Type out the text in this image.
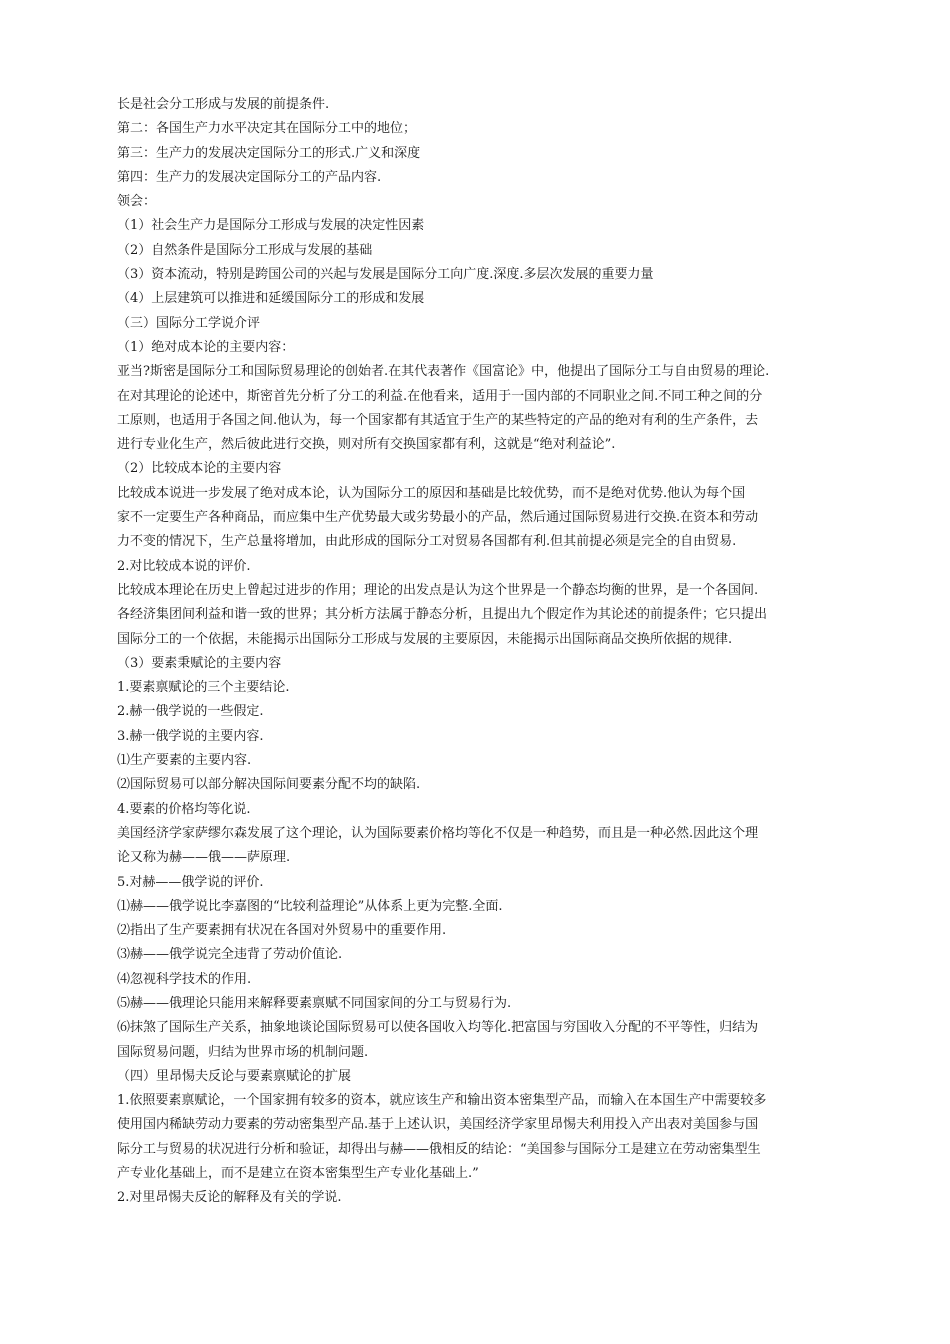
长是社会分工形成与发展的前提条件.
第二：各国生产力水平决定其在国际分工中的地位；
第三：生产力的发展决定国际分工的形式.广义和深度
第四：生产力的发展决定国际分工的产品内容.
领会：
（1）社会生产力是国际分工形成与发展的决定性因素
（2）自然条件是国际分工形成与发展的基础
（3）资本流动，特别是跨国公司的兴起与发展是国际分工向广度.深度.多层次发展的重要力量
（4）上层建筑可以推进和延缓国际分工的形成和发展
（三）国际分工学说介评
（1）绝对成本论的主要内容：
亚当?斯密是国际分工和国际贸易理论的创始者.在其代表著作《国富论》中，他提出了国际分工与自由贸易的理论.
在对其理论的论述中，斯密首先分析了分工的利益.在他看来，适用于一国内部的不同职业之间.不同工种之间的分
工原则，也适用于各国之间.他认为，每一个国家都有其适宜于生产的某些特定的产品的绝对有利的生产条件，去
进行专业化生产，然后彼此进行交换，则对所有交换国家都有利，这就是“绝对利益论”.
（2）比较成本论的主要内容
比较成本说进一步发展了绝对成本论，认为国际分工的原因和基础是比较优势，而不是绝对优势.他认为每个国
家不一定要生产各种商品，而应集中生产优势最大或劣势最小的产品，然后通过国际贸易进行交换.在资本和劳动
力不变的情况下，生产总量将增加，由此形成的国际分工对贸易各国都有利.但其前提必须是完全的自由贸易.
2.对比较成本说的评价.
比较成本理论在历史上曾起过进步的作用；理论的出发点是认为这个世界是一个静态均衡的世界，是一个各国间.
各经济集团间利益和谐一致的世界；其分析方法属于静态分析，且提出九个假定作为其论述的前提条件；它只提出
国际分工的一个依据，未能揭示出国际分工形成与发展的主要原因，未能揭示出国际商品交换所依据的规律.
（3）要素秉赋论的主要内容
1.要素禀赋论的三个主要结论.
2.赫一俄学说的一些假定.
3.赫一俄学说的主要内容.
⑴生产要素的主要内容.
⑵国际贸易可以部分解决国际间要素分配不均的缺陷.
4.要素的价格均等化说.
美国经济学家萨缪尔森发展了这个理论，认为国际要素价格均等化不仅是一种趋势，而且是一种必然.因此这个理
论又称为赫——俄——萨原理.
5.对赫——俄学说的评价.
⑴赫——俄学说比李嘉图的“比较利益理论”从体系上更为完整.全面.
⑵指出了生产要素拥有状况在各国对外贸易中的重要作用.
⑶赫——俄学说完全违背了劳动价值论.
⑷忽视科学技术的作用.
⑸赫——俄理论只能用来解释要素禀赋不同国家间的分工与贸易行为.
⑹抹煞了国际生产关系，抽象地谈论国际贸易可以使各国收入均等化.把富国与穷国收入分配的不平等性，归结为
国际贸易问题，归结为世界市场的机制问题.
（四）里昂惕夫反论与要素禀赋论的扩展
1.依照要素禀赋论，一个国家拥有较多的资本，就应该生产和输出资本密集型产品，而输入在本国生产中需要较多
使用国内稀缺劳动力要素的劳动密集型产品.基于上述认识，美国经济学家里昂惕夫利用投入产出表对美国参与国
际分工与贸易的状况进行分析和验证，却得出与赫——俄相反的结论：“美国参与国际分工是建立在劳动密集型生
产专业化基础上，而不是建立在资本密集型生产专业化基础上.”
2.对里昂惕夫反论的解释及有关的学说.
